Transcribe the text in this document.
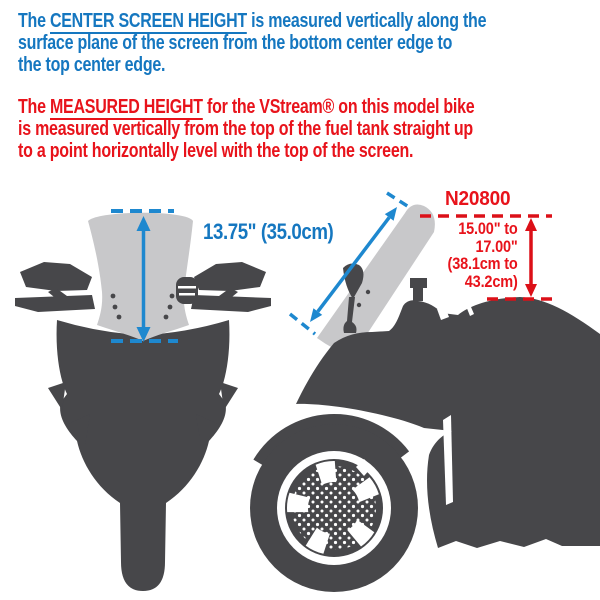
The CENTER SCREEN HEIGHT is measured vertically along the
surface plane of the screen from the bottom center edge to
the top center edge.
The MEASURED HEIGHT for the VStream® on this model bike
is measured vertically from the top of the fuel tank straight up
to a point horizontally level with the top of the screen.
13.75" (35.0cm)
N20800
15.00" to
17.00"
(38.1cm to
43.2cm)
